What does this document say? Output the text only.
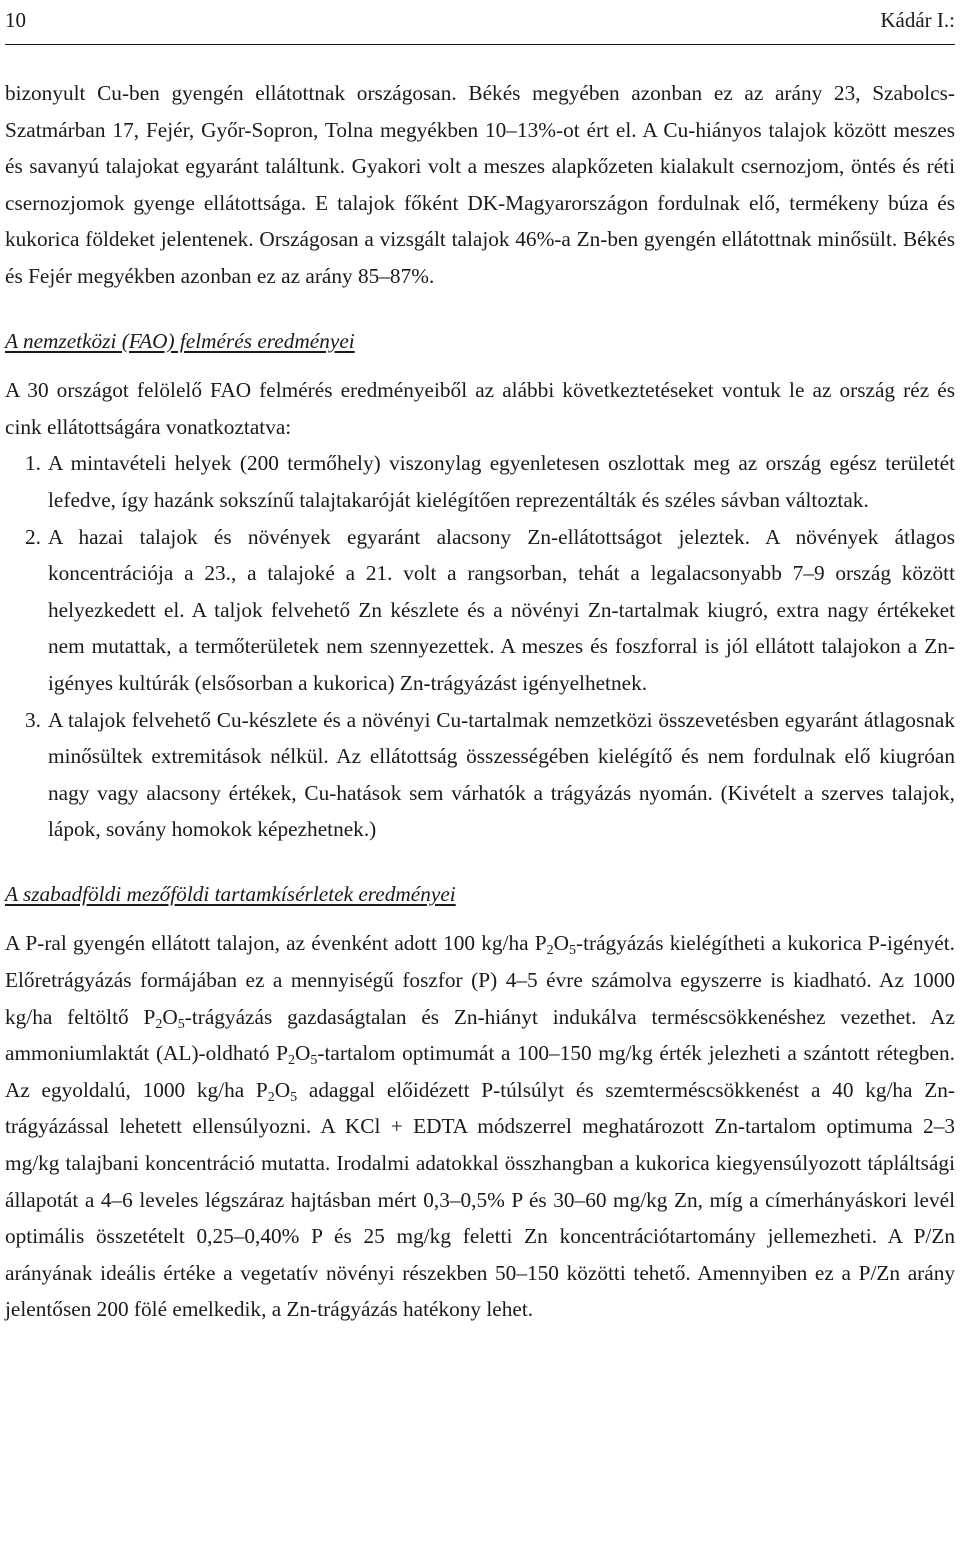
10	Kádár I.:

bizonyult Cu-ben gyengén ellátottnak országosan. Békés megyében azonban ez az arány 23, Szabolcs-Szatmárban 17, Fejér, Győr-Sopron, Tolna megyékben 10–13%-ot ért el. A Cu-hiányos talajok között meszes és savanyú talajokat egyaránt találtunk. Gyakori volt a meszes alapkőzeten kialakult csernozjom, öntés és réti csernozjomok gyenge ellátottsága. E talajok főként DK-Magyarországon fordulnak elő, termékeny búza és kukorica földeket jelentenek. Országosan a vizsgált talajok 46%-a Zn-ben gyengén ellátottnak minősült. Békés és Fejér megyékben azonban ez az arány 85–87%.

A nemzetközi (FAO) felmérés eredményei

A 30 országot felölelő FAO felmérés eredményeiből az alábbi következtetéseket vontuk le az ország réz és cink ellátottságára vonatkoztatva:

1. A mintavételi helyek (200 termőhely) viszonylag egyenletesen oszlottak meg az ország egész területét lefedve, így hazánk sokszínű talajtakaróját kielégítően reprezentálták és széles sávban változtak.
2. A hazai talajok és növények egyaránt alacsony Zn-ellátottságot jeleztek. A növények átlagos koncentrációja a 23., a talajoké a 21. volt a rangsorban, tehát a legalacsonyabb 7–9 ország között helyezkedett el. A taljok felvehető Zn készlete és a növényi Zn-tartalmak kiugró, extra nagy értékeket nem mutattak, a termőterületek nem szennyezettek. A meszes és foszforral is jól ellátott talajokon a Zn-igényes kultúrák (elsősorban a kukorica) Zn-trágyázást igényelhetnek.
3. A talajok felvehető Cu-készlete és a növényi Cu-tartalmak nemzetközi összevetésben egyaránt átlagosnak minősültek extremitások nélkül. Az ellátottság összességében kielégítő és nem fordulnak elő kiugróan nagy vagy alacsony értékek, Cu-hatások sem várhatók a trágyázás nyomán. (Kivételt a szerves talajok, lápok, sovány homokok képezhetnek.)
A szabadföldi mezőföldi tartamkísérletek eredményei

A P-ral gyengén ellátott talajon, az évenként adott 100 kg/ha $P_2O_5$-trágyázás kielégítheti a kukorica P-igényét. Előretrágyázás formájában ez a mennyiségű foszfor (P) 4–5 évre számolva egyszerre is kiadható. Az 1000 kg/ha feltöltő $P_2O_5$-trágyázás gazdaságtalan és Zn-hiányt indukálva terméscsökkenéshez vezethet. Az ammoniumlaktát (AL)-oldható $P_2O_5$-tartalom optimumát a 100–150 mg/kg érték jelezheti a szántott rétegben. Az egyoldalú, 1000 kg/ha $P_2O_5$ adaggal előidézett P-túlsúlyt és szemterméscsökkenést a 40 kg/ha Zn-trágyázással lehetett ellensúlyozni. A KCl + EDTA módszerrel meghatározott Zn-tartalom optimuma 2–3 mg/kg talajbani koncentráció mutatta. Irodalmi adatokkal összhangban a kukorica kiegyensúlyozott tápláltsági állapotát a 4–6 leveles légszáraz hajtásban mért 0,3–0,5% P és 30–60 mg/kg Zn, míg a címerhányáskori levél optimális összetételt 0,25–0,40% P és 25 mg/kg feletti Zn koncentrációtartomány jellemezheti. A P/Zn arányának ideális értéke a vegetatív növényi részekben 50–150 közötti tehető. Amennyiben ez a P/Zn arány jelentősen 200 fölé emelkedik, a Zn-trágyázás hatékony lehet.
